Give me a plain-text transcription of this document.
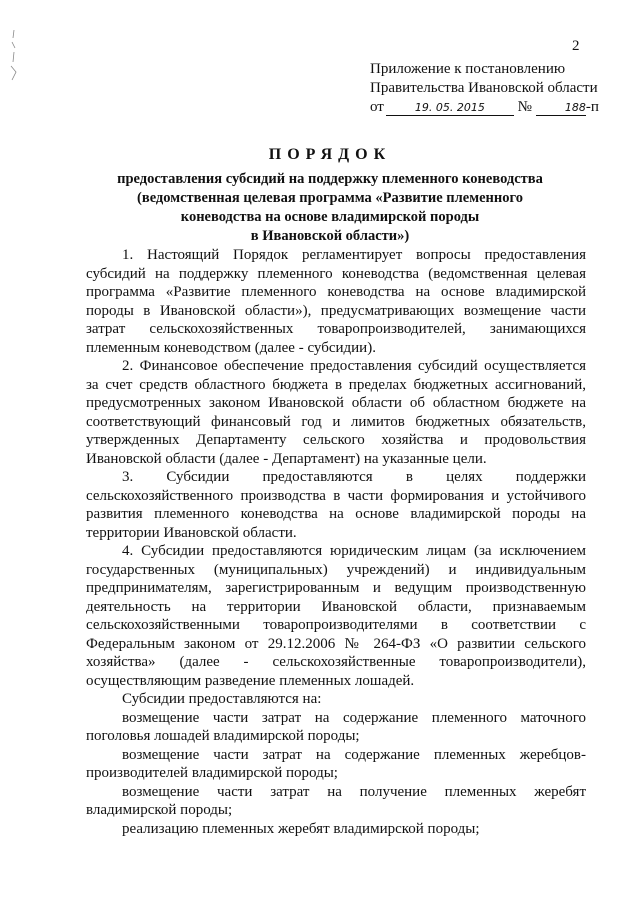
2
Приложение к постановлению
Правительства Ивановской области
от	19. 05. 2015 №	188-п
ПОРЯДОК
предоставления субсидий на поддержку племенного коневодства
(ведомственная целевая программа «Развитие племенного
коневодства на основе владимирской породы
в Ивановской области»)

1. Настоящий Порядок регламентирует вопросы предоставления субсидий на поддержку племенного коневодства (ведомственная целевая программа «Развитие племенного коневодства на основе владимирской породы в Ивановской области»), предусматривающих возмещение части затрат сельскохозяйственных товаропроизводителей, занимающихся племенным коневодством (далее - субсидии).

2. Финансовое обеспечение предоставления субсидий осуществляется за счет средств областного бюджета в пределах бюджетных ассигнований, предусмотренных законом Ивановской области об областном бюджете на соответствующий финансовый год и лимитов бюджетных обязательств, утвержденных Департаменту сельского хозяйства и продовольствия Ивановской области (далее - Департамент) на указанные цели.

3. Субсидии предоставляются в целях поддержки сельскохозяйственного производства в части формирования и устойчивого развития племенного коневодства на основе владимирской породы на территории Ивановской области.

4. Субсидии предоставляются юридическим лицам (за исключением государственных (муниципальных) учреждений) и индивидуальным предпринимателям, зарегистрированным и ведущим производственную деятельность на территории Ивановской области, признаваемым сельскохозяйственными товаропроизводителями в соответствии с Федеральным законом от 29.12.2006 № 264-ФЗ «О развитии сельского хозяйства» (далее - сельскохозяйственные товаропроизводители), осуществляющим разведение племенных лошадей.

Субсидии предоставляются на:

возмещение части затрат на содержание племенного маточного поголовья лошадей владимирской породы;

возмещение части затрат на содержание племенных жеребцов-производителей владимирской породы;

возмещение части затрат на получение племенных жеребят владимирской породы;

реализацию племенных жеребят владимирской породы;
